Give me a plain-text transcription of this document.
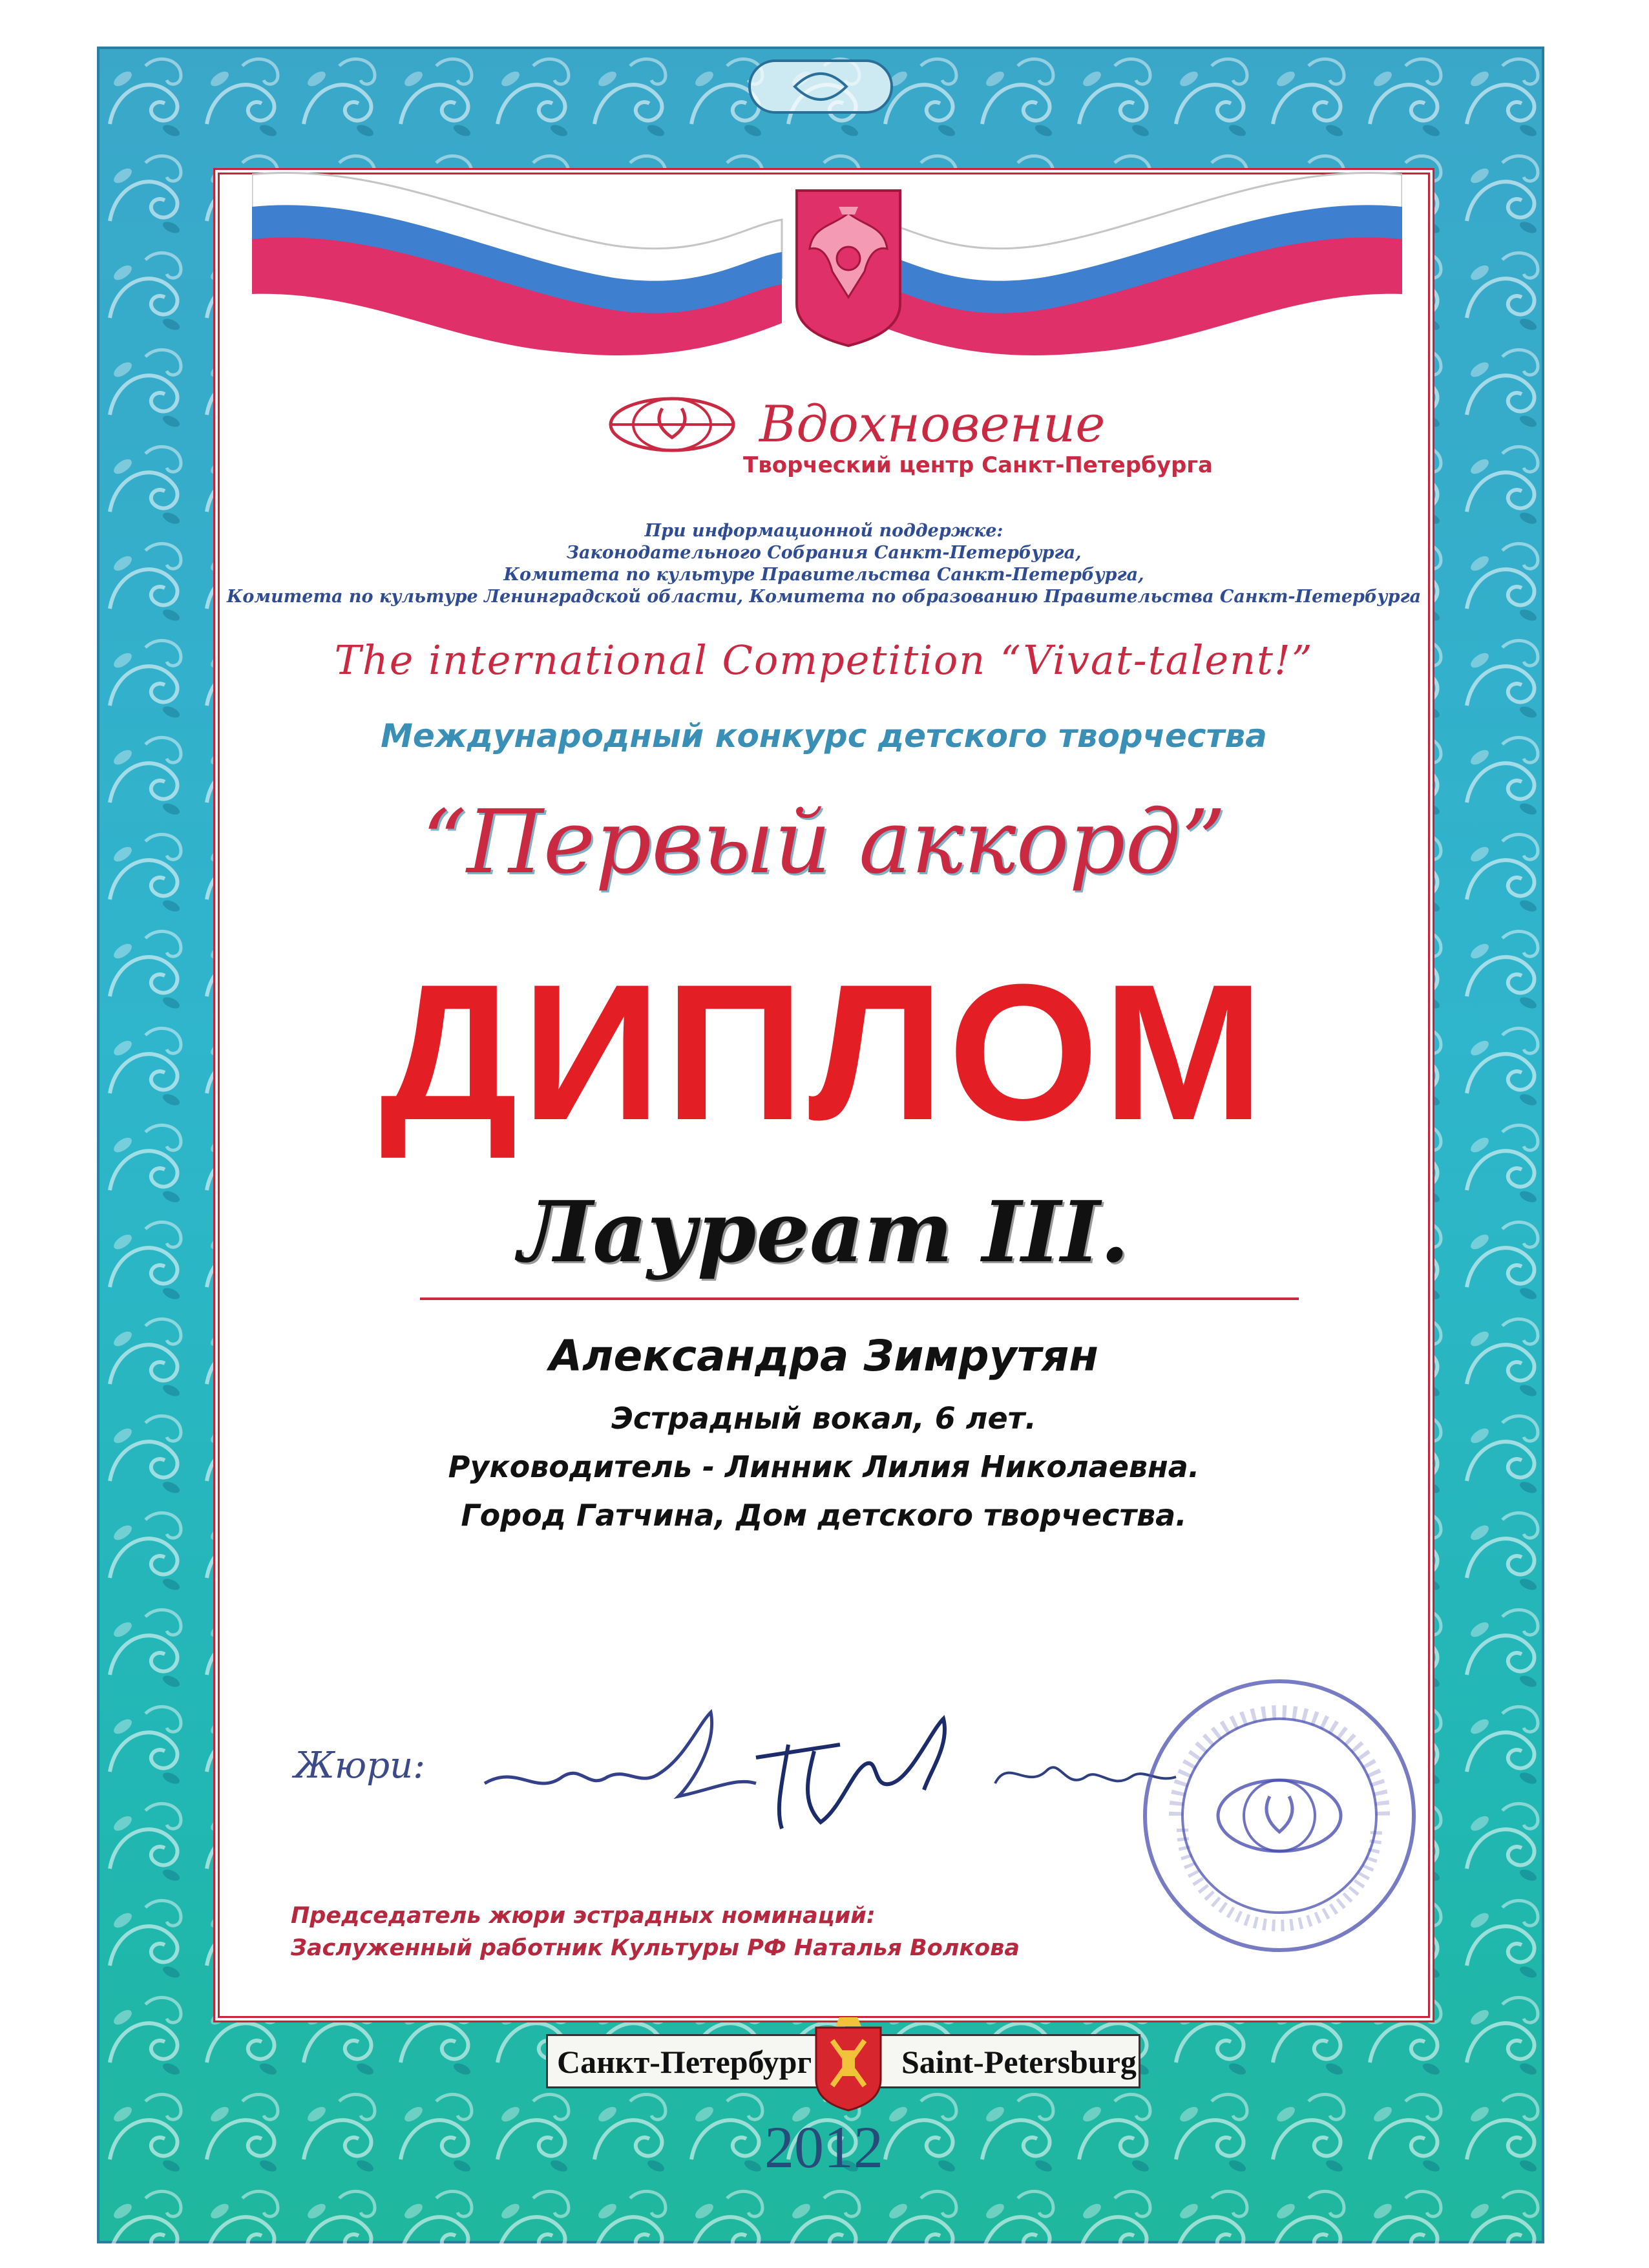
Вдохновение
Творческий центр Санкт-Петербурга
При информационной поддержке:
Законодательного Собрания Санкт-Петербурга,
Комитета по культуре Правительства Санкт-Петербурга,
Комитета по культуре Ленинградской области, Комитета по образованию Правительства Санкт-Петербурга
The international Competition “Vivat-talent!”
Международный конкурс детского творчества
“Первый аккорд”
ДИПЛОМ
Лауреат III.
Александра Зимрутян
Эстрадный вокал, 6 лет.
Руководитель - Линник Лилия Николаевна.
Город Гатчина, Дом детского творчества.
Жюри:
Председатель жюри эстрадных номинаций:
Заслуженный работник Культуры РФ Наталья Волкова
Санкт-Петербург	Saint-Petersburg
2012
